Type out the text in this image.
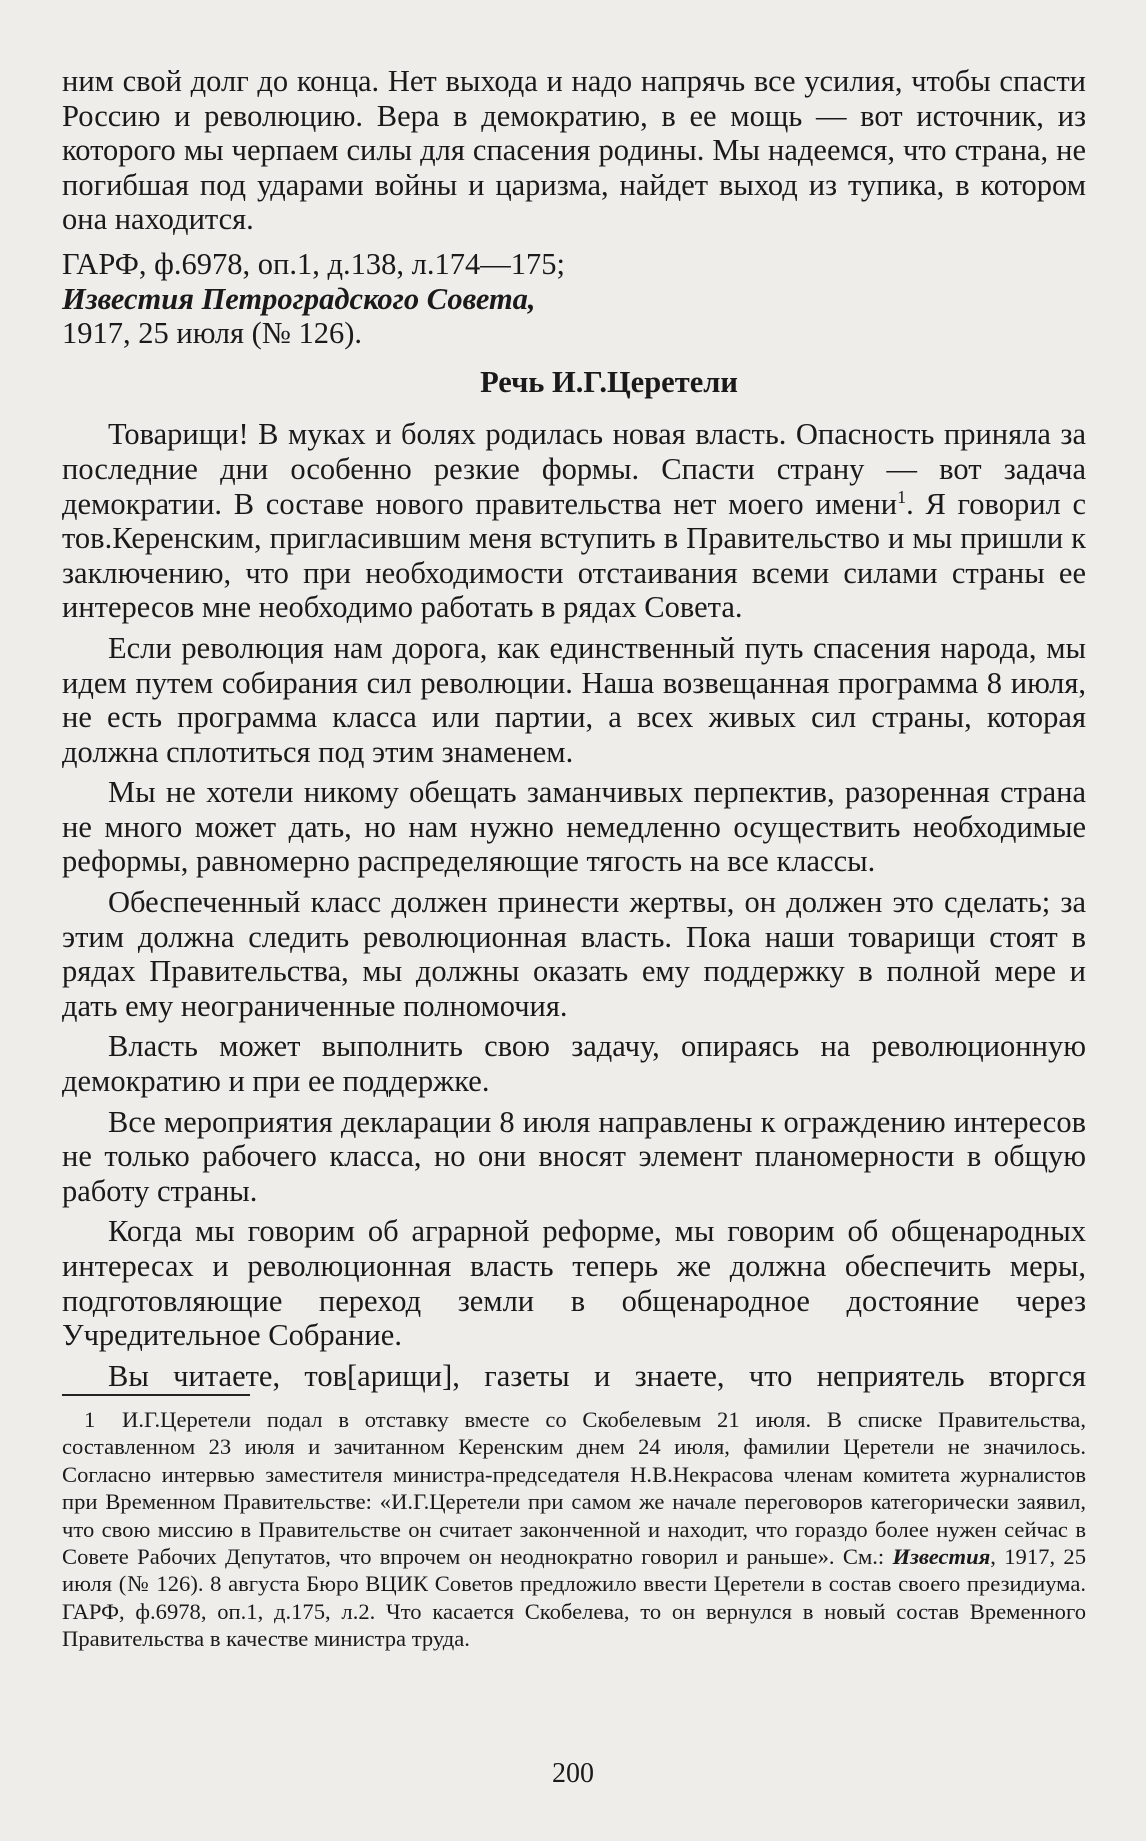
ним свой долг до конца. Нет выхода и надо напрячь все усилия, чтобы спасти Россию и революцию. Вера в демократию, в ее мощь — вот источник, из которого мы черпаем силы для спасения родины. Мы надеемся, что страна, не погибшая под ударами войны и царизма, найдет выход из тупика, в котором она находится.

ГАРФ, ф.6978, оп.1, д.138, л.174—175;

Известия Петроградского Совета,

1917, 25 июля (№ 126).

Речь И.Г.Церетели

Товарищи! В муках и болях родилась новая власть. Опасность приняла за последние дни особенно резкие формы. Спасти страну — вот задача демократии. В составе нового правительства нет моего имени$^1$. Я говорил с тов.Керенским, пригласившим меня вступить в Правительство и мы пришли к заключению, что при необходимости отстаивания всеми силами страны ее интересов мне необходимо работать в рядах Совета.

Если революция нам дорога, как единственный путь спасения народа, мы идем путем собирания сил революции. Наша возвещанная программа 8 июля, не есть программа класса или партии, а всех живых сил страны, которая должна сплотиться под этим знаменем.

Мы не хотели никому обещать заманчивых перпектив, разоренная страна не много может дать, но нам нужно немедленно осуществить необходимые реформы, равномерно распределяющие тягость на все классы.

Обеспеченный класс должен принести жертвы, он должен это сделать; за этим должна следить революционная власть. Пока наши товарищи стоят в рядах Правительства, мы должны оказать ему поддержку в полной мере и дать ему неограниченные полномочия.

Власть может выполнить свою задачу, опираясь на революционную демократию и при ее поддержке.

Все мероприятия декларации 8 июля направлены к ограждению интересов не только рабочего класса, но они вносят элемент планомерности в общую работу страны.

Когда мы говорим об аграрной реформе, мы говорим об общенародных интересах и революционная власть теперь же должна обеспечить меры, подготовляющие переход земли в общенародное достояние через Учредительное Собрание.

Вы читаете, тов[арищи], газеты и знаете, что неприятель вторгся

1 И.Г.Церетели подал в отставку вместе со Скобелевым 21 июля. В списке Правительства, составленном 23 июля и зачитанном Керенским днем 24 июля, фамилии Церетели не значилось. Согласно интервью заместителя министра-председателя Н.В.Некрасова членам комитета журналистов при Временном Правительстве: «И.Г.Церетели при самом же начале переговоров категорически заявил, что свою миссию в Правительстве он считает законченной и находит, что гораздо более нужен сейчас в Совете Рабочих Депутатов, что впрочем он неоднократно говорил и раньше». См.: Известия, 1917, 25 июля (№ 126). 8 августа Бюро ВЦИК Советов предложило ввести Церетели в состав своего президиума. ГАРФ, ф.6978, оп.1, д.175, л.2. Что касается Скобелева, то он вернулся в новый состав Временного Правительства в качестве министра труда.
200
